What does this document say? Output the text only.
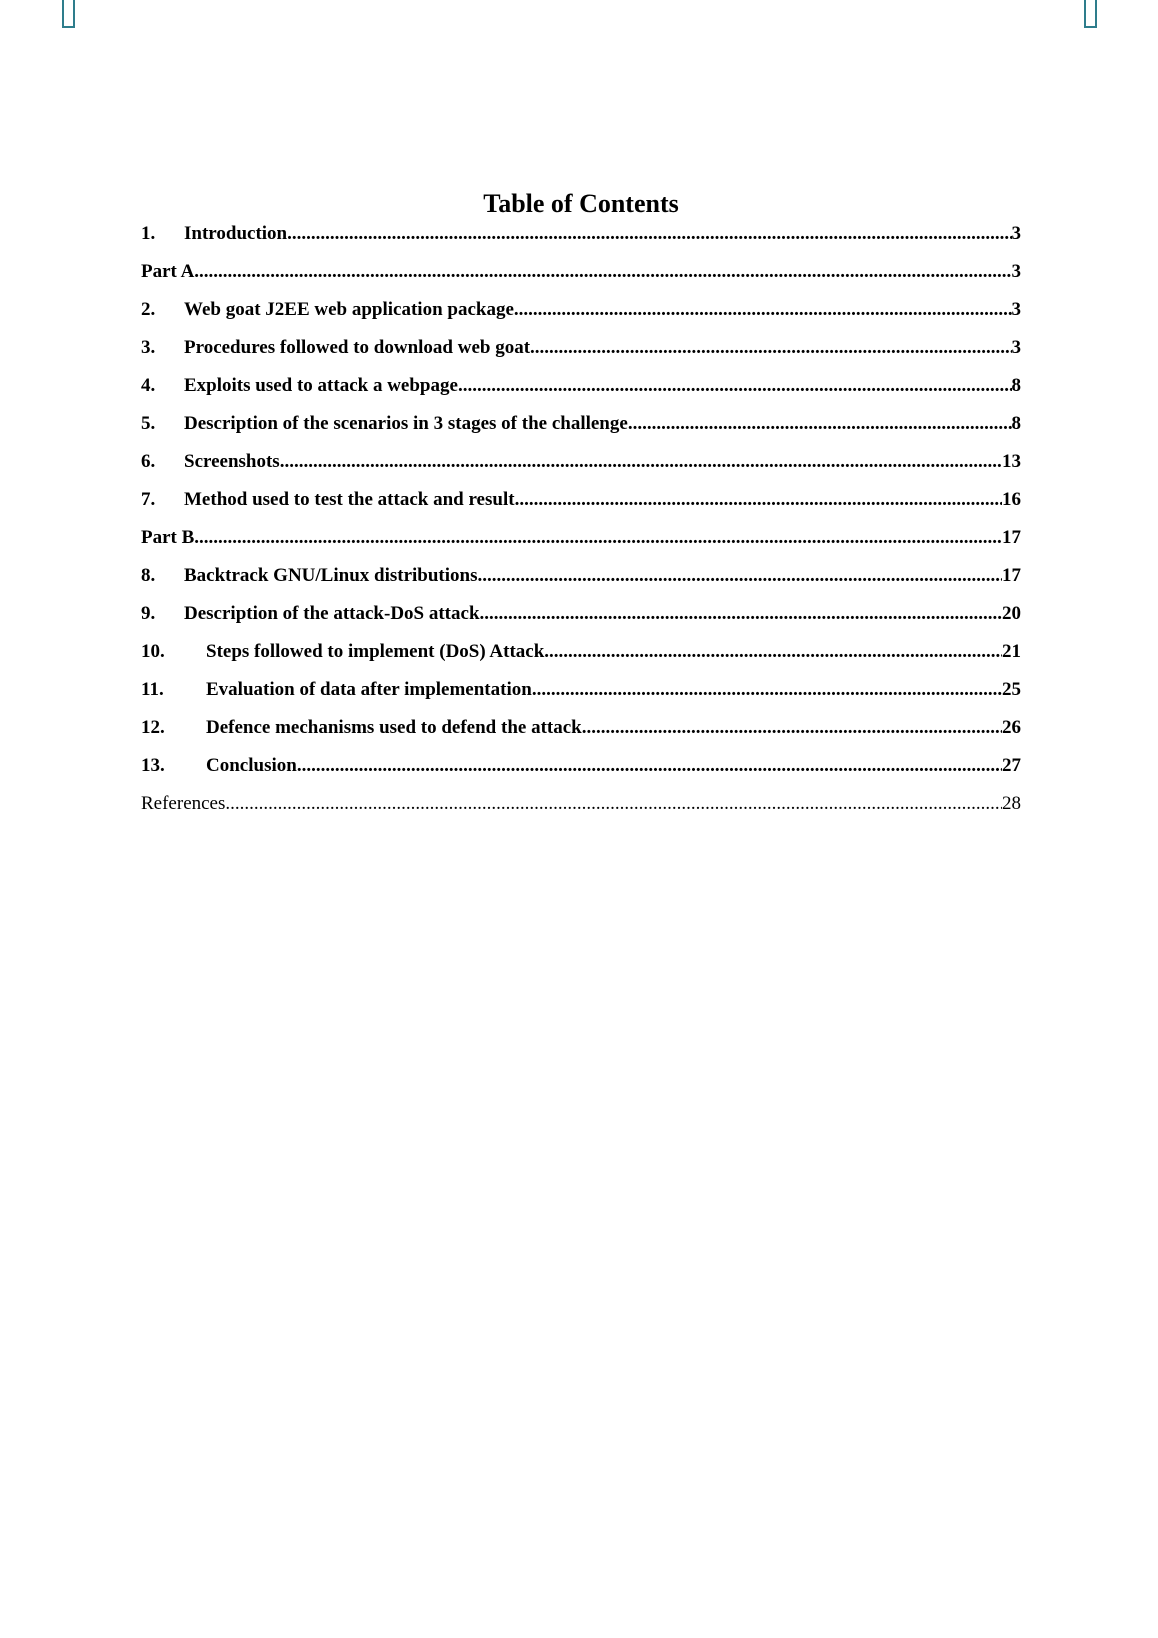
Table of Contents
1.	Introduction .....	3
Part A .....	3
2.	Web goat J2EE web application package .....	3
3.	Procedures followed to download web goat .....	3
4.	Exploits used to attack a webpage .....	8
5.	Description of the scenarios in 3 stages of the challenge .....	8
6.	Screenshots .....	13
7.	Method used to test the attack and result .....	16
Part B .....	17
8.	Backtrack GNU/Linux distributions .....	17
9.	Description of the attack-DoS attack .....	20
10.	Steps followed to implement (DoS) Attack .....	21
11.	Evaluation of data after implementation .....	25
12.	Defence mechanisms used to defend the attack .....	26
13.	Conclusion .....	27
References .....	28
